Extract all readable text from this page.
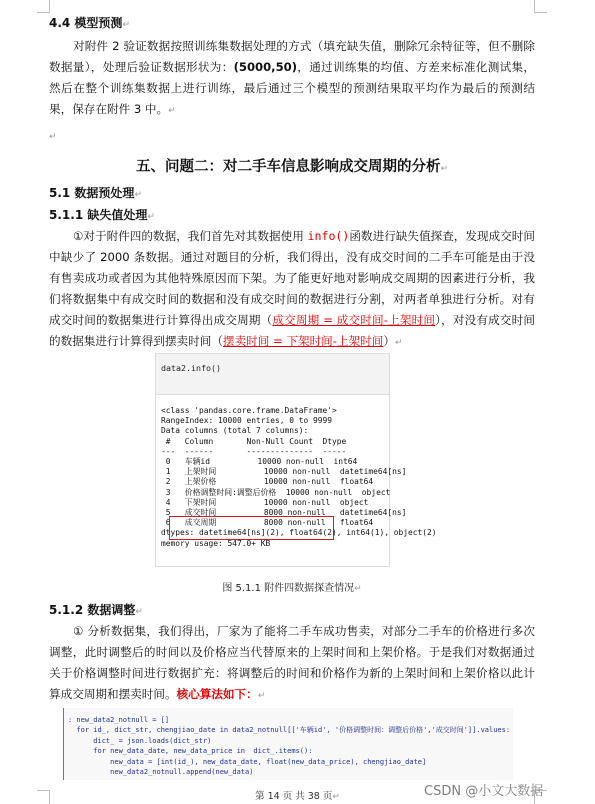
4.4 模型预测↵

对附件 2 验证数据按照训练集数据处理的方式（填充缺失值，删除冗余特征等，但不删除数据量），处理后验证数据形状为：(5000,50)，通过训练集的均值、方差来标准化测试集，然后在整个训练集数据上进行训练，最后通过三个模型的预测结果取平均作为最后的预测结果，保存在附件 3 中。↵

↵
五、问题二：对二手车信息影响成交周期的分析↵
5.1 数据预处理↵
5.1.1 缺失值处理↵

①对于附件四的数据，我们首先对其数据使用 info()函数进行缺失值探查，发现成交时间中缺少了 2000 条数据。通过对题目的分析，我们得出，没有成交时间的二手车可能是由于没有售卖成功或者因为其他特殊原因而下架。为了能更好地对影响成交周期的因素进行分析，我们将数据集中有成交时间的数据和没有成交时间的数据进行分割，对两者单独进行分析。对有成交时间的数据集进行计算得出成交周期（成交周期 = 成交时间-上架时间），对没有成交时间的数据集进行计算得到摆卖时间（摆卖时间 = 下架时间-上架时间）↵

data2.info()
<class 'pandas.core.frame.DataFrame'>
RangeIndex: 10000 entries, 0 to 9999
Data columns (total 7 columns):
#   Column       Non-Null Count  Dtype
---  ------       --------------  -----
0   车辆id          10000 non-null  int64
1   上架时间          10000 non-null  datetime64[ns]
2   上架价格          10000 non-null  float64
3   价格调整时间:调整后价格  10000 non-null  object
4   下架时间          10000 non-null  object
5   成交时间          8000 non-null   datetime64[ns]
6   成交周期          8000 non-null   float64
dtypes: datetime64[ns](2), float64(2), int64(1), object(2)
memory usage: 547.0+ KB
图 5.1.1 附件四数据探查情况↵
5.1.2 数据调整↵

① 分析数据集，我们得出，厂家为了能将二手车成功售卖，对部分二手车的价格进行多次调整，此时调整后的时间以及价格应当代替原来的上架时间和上架价格。于是我们对数据通过关于价格调整时间进行数据扩充：将调整后的时间和价格作为新的上架时间和上架价格以此计算成交周期和摆卖时间。核心算法如下：↵

: new_data2_notnull = []
for id_, dict_str, chengjiao_date in data2_notnull[['车辆id', '价格调整时间：调整后价格','成交时间']].values:
dict_ = json.loads(dict_str)
for new_data_date, new_data_price in  dict_.items():
new_data = [int(id_), new_data_date, float(new_data_price), chengjiao_date]
new_data2_notnull.append(new_data)
第 14 页 共 38 页↵	CSDN @小文大数据
